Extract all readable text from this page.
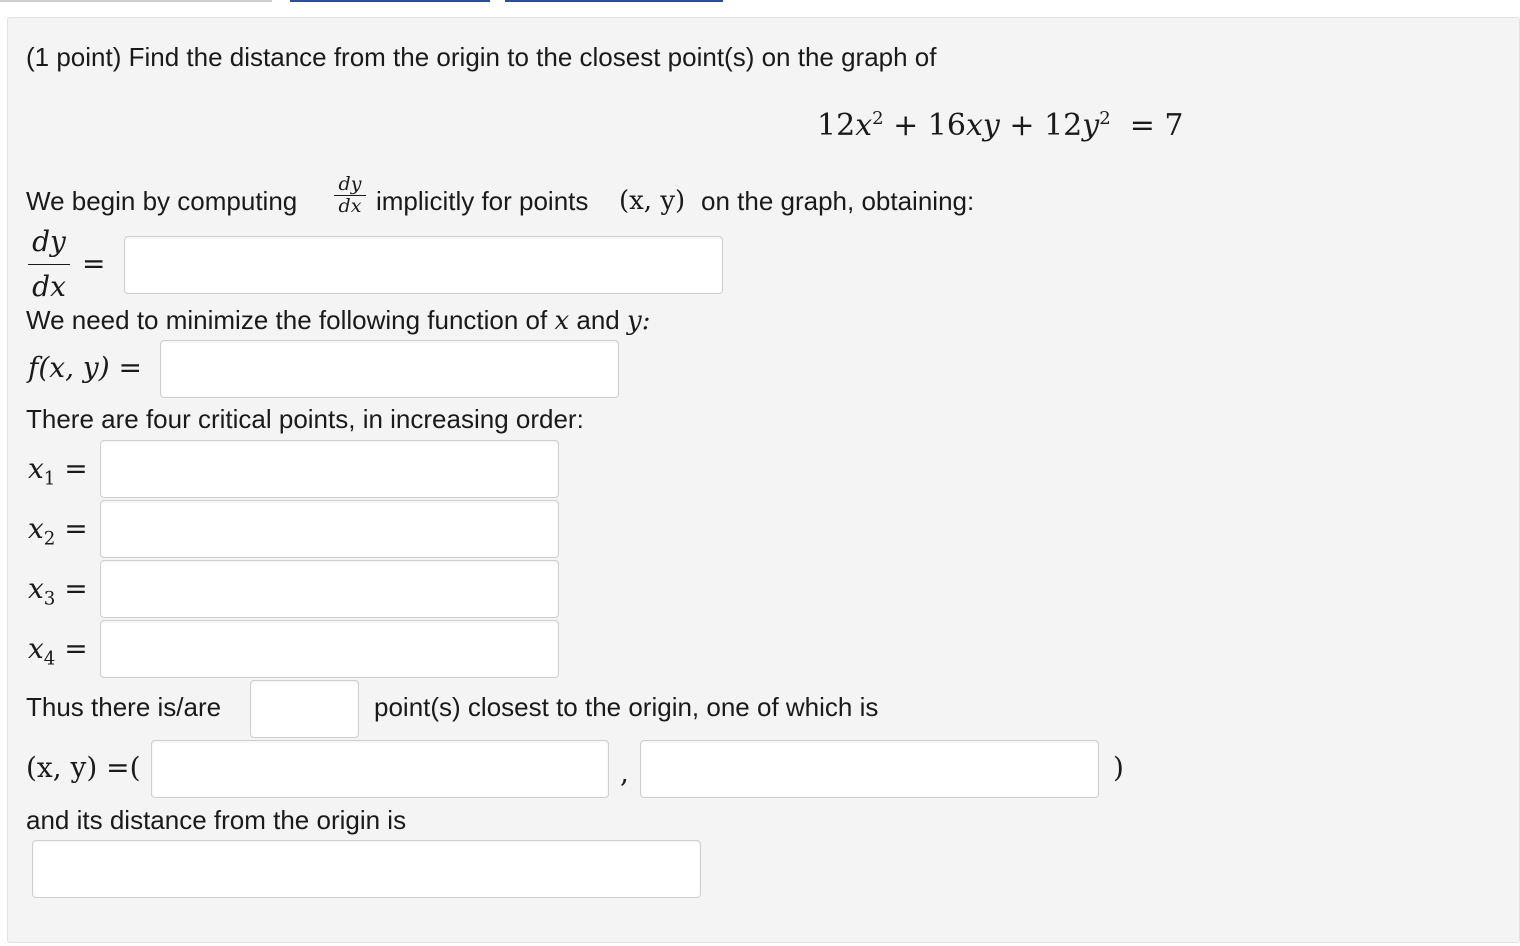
(1 point) Find the distance from the origin to the closest point(s) on the graph of
$12x^2 + 16xy + 12y^2 = 7$
We begin by computing
dy
dx implicitly for points (x, y) on the graph, obtaining:
dy
dx
=
We need to minimize the following function of x and y:
f(x, y) =
There are four critical points, in increasing order:
$x_1$ =
$x_2$ =
$x_3$ =
$x_4$ =
Thus there is/are	point(s) closest to the origin, one of which is
(x, y) =(	,	)
and its distance from the origin is
